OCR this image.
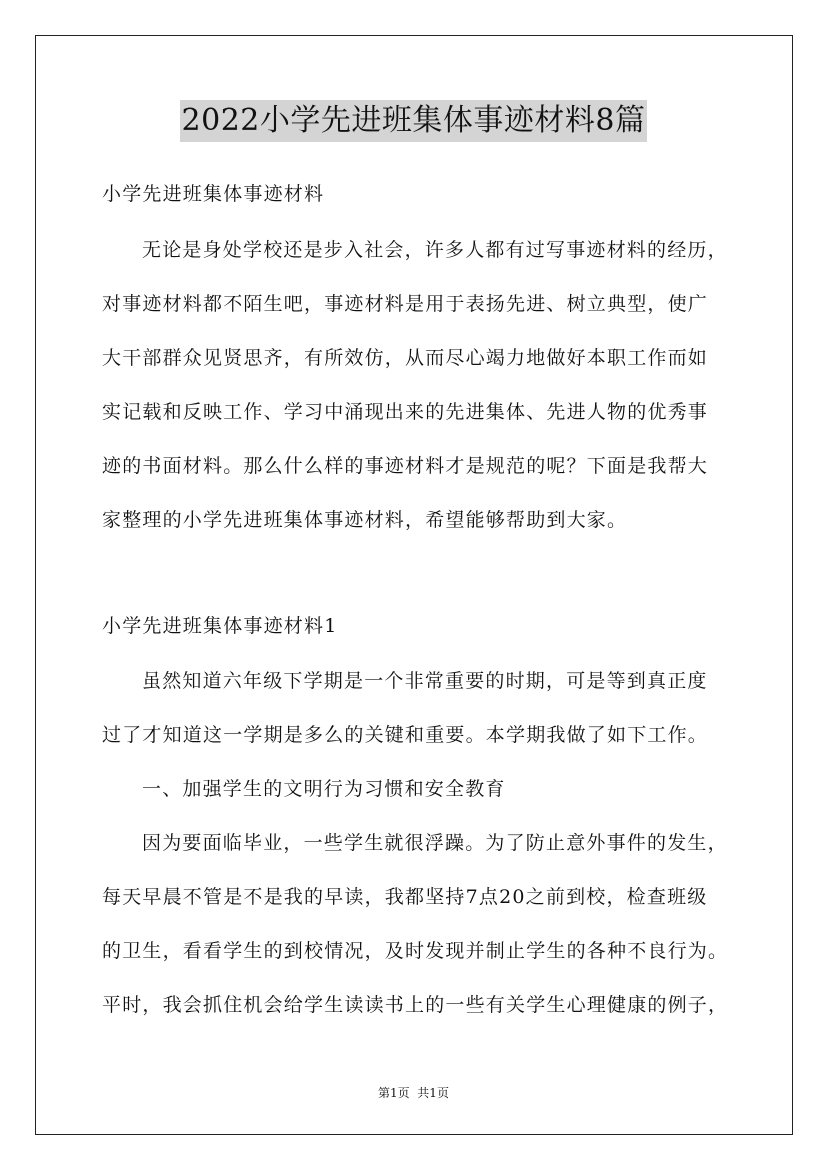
2022小学先进班集体事迹材料8篇
小学先进班集体事迹材料
无论是身处学校还是步入社会，许多人都有过写事迹材料的经历，
对事迹材料都不陌生吧，事迹材料是用于表扬先进、树立典型，使广
大干部群众见贤思齐，有所效仿，从而尽心竭力地做好本职工作而如
实记载和反映工作、学习中涌现出来的先进集体、先进人物的优秀事
迹的书面材料。那么什么样的事迹材料才是规范的呢？下面是我帮大
家整理的小学先进班集体事迹材料，希望能够帮助到大家。
小学先进班集体事迹材料1
虽然知道六年级下学期是一个非常重要的时期，可是等到真正度
过了才知道这一学期是多么的关键和重要。本学期我做了如下工作。
一、加强学生的文明行为习惯和安全教育
因为要面临毕业，一些学生就很浮躁。为了防止意外事件的发生，
每天早晨不管是不是我的早读，我都坚持7点20之前到校，检查班级
的卫生，看看学生的到校情况，及时发现并制止学生的各种不良行为。
平时，我会抓住机会给学生读读书上的一些有关学生心理健康的例子，
第1页  共1页
